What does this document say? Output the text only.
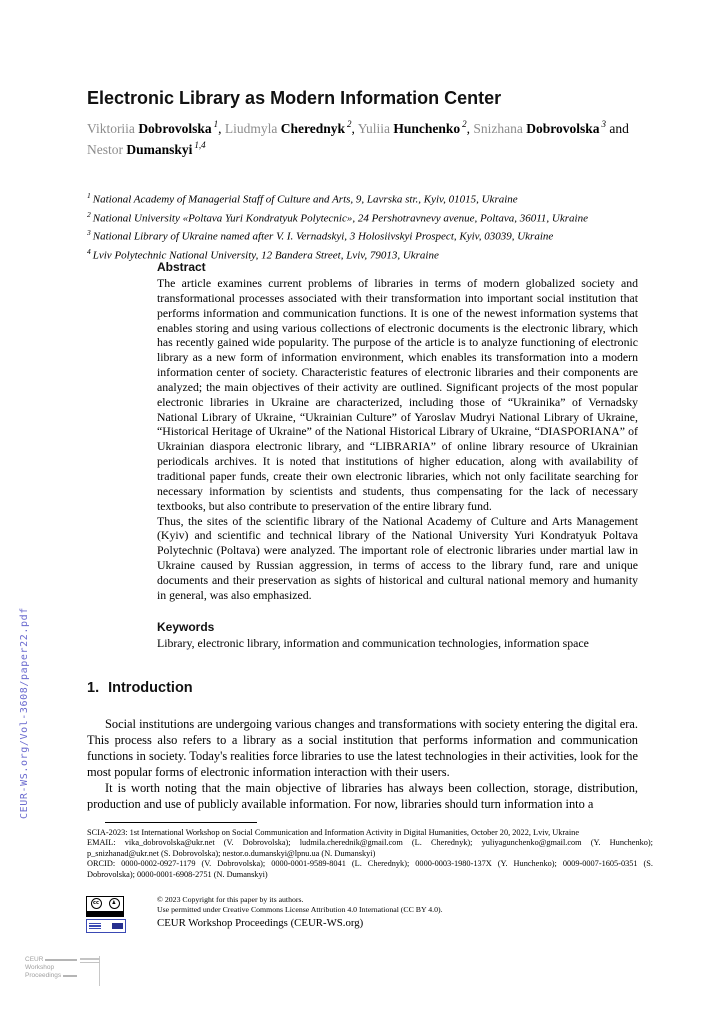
CEUR-WS.org/Vol-3608/paper22.pdf
Electronic Library as Modern Information Center

Viktoriia Dobrovolska $^1$, Liudmyla Cherednyk $^2$, Yuliia Hunchenko $^2$, Snizhana Dobrovolska $^3$ and Nestor Dumanskyi $^{1,4}$

$^1$ National Academy of Managerial Staff of Culture and Arts, 9, Lavrska str., Kyiv, 01015, Ukraine
$^2$ National University «Poltava Yuri Kondratyuk Polytecnic», 24 Pershotravnevy avenue, Poltava, 36011, Ukraine
$^3$ National Library of Ukraine named after V. I. Vernadskyi, 3 Holosiivskyi Prospect, Kyiv, 03039, Ukraine
$^4$ Lviv Polytechnic National University, 12 Bandera Street, Lviv, 79013, Ukraine
Abstract

The article examines current problems of libraries in terms of modern globalized society and transformational processes associated with their transformation into important social institution that performs information and communication functions. It is one of the newest information systems that enables storing and using various collections of electronic documents is the electronic library, which has recently gained wide popularity. The purpose of the article is to analyze functioning of electronic library as a new form of information environment, which enables its transformation into a modern information center of society. Characteristic features of electronic libraries and their components are analyzed; the main objectives of their activity are outlined. Significant projects of the most popular electronic libraries in Ukraine are characterized, including those of “Ukrainika” of Vernadsky National Library of Ukraine, “Ukrainian Culture” of Yaroslav Mudryi National Library of Ukraine, “Historical Heritage of Ukraine” of the National Historical Library of Ukraine, “DIASPORIANA” of Ukrainian diaspora electronic library, and “LIBRARIA” of online library resource of Ukrainian periodicals archives. It is noted that institutions of higher education, along with availability of traditional paper funds, create their own electronic libraries, which not only facilitate searching for necessary information by scientists and students, thus compensating for the lack of necessary textbooks, but also contribute to preservation of the entire library fund.

Thus, the sites of the scientific library of the National Academy of Culture and Arts Management (Kyiv) and scientific and technical library of the National University Yuri Kondratyuk Poltava Polytechnic (Poltava) were analyzed. The important role of electronic libraries under martial law in Ukraine caused by Russian aggression, in terms of access to the library fund, rare and unique documents and their preservation as sights of historical and cultural national memory and humanity in general, was also emphasized.

Keywords

Library, electronic library, information and communication technologies, information space

1. Introduction

Social institutions are undergoing various changes and transformations with society entering the digital era. This process also refers to a library as a social institution that performs information and communication functions in society. Today's realities force libraries to use the latest technologies in their activities, look for the most popular forms of electronic information interaction with their users.

It is worth noting that the main objective of libraries has always been collection, storage, distribution, production and use of publicly available information. For now, libraries should turn information into a

SCIA-2023: 1st International Workshop on Social Communication and Information Activity in Digital Humanities, October 20, 2022, Lviv, Ukraine

EMAIL: vika_dobrovolska@ukr.net (V. Dobrovolska); ludmila.cherednik@gmail.com (L. Cherednyk); yuliyagunchenko@gmail.com (Y. Hunchenko); p_snizhanad@ukr.net (S. Dobrovolska); nestor.o.dumanskyi@lpnu.ua (N. Dumanskyi)

ORCID: 0000-0002-0927-1179 (V. Dobrovolska); 0000-0001-9589-8041 (L. Cherednyk); 0000-0003-1980-137X (Y. Hunchenko); 0009-0007-1605-0351 (S. Dobrovolska); 0000-0001-6908-2751 (N. Dumanskyi)

cc	♟	© 2023 Copyright for this paper by its authors.

Use permitted under Creative Commons License Attribution 4.0 International (CC BY 4.0).

CEUR Workshop Proceedings (CEUR-WS.org)

CEUR
Workshop
Proceedings
